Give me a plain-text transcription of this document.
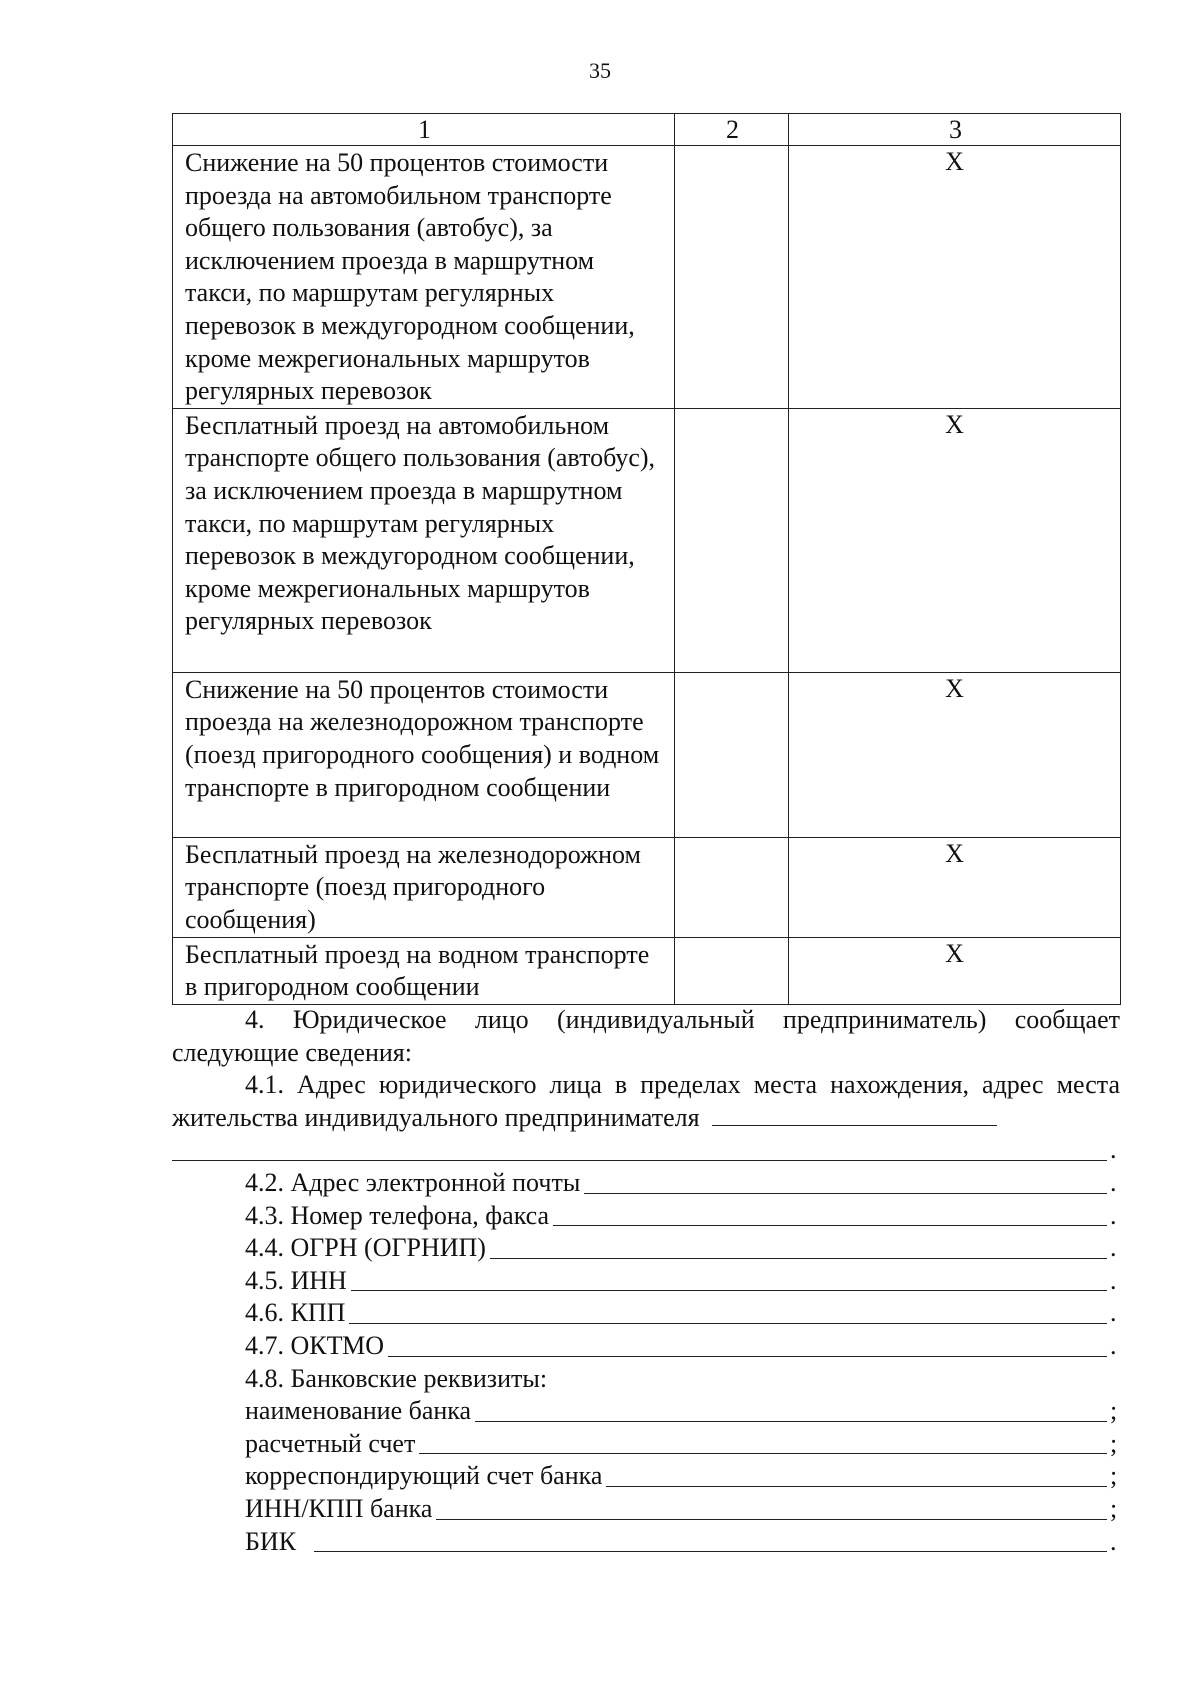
35
1	2	3
Снижение на 50 процентов стоимости проезда на автомобильном транспорте общего пользования (автобус), за исключением проезда в маршрутном такси, по маршрутам регулярных перевозок в междугородном сообщении, кроме межрегиональных маршрутов регулярных перевозок		X
Бесплатный проезд на автомобильном транспорте общего пользования (автобус), за исключением проезда в маршрутном такси, по маршрутам регулярных перевозок в междугородном сообщении, кроме межрегиональных маршрутов регулярных перевозок		X
Снижение на 50 процентов стоимости проезда на железнодорожном транспорте (поезд пригородного сообщения) и водном транспорте в пригородном сообщении		X
Бесплатный проезд на железнодорожном транспорте (поезд пригородного сообщения)		X
Бесплатный проезд на водном транспорте в пригородном сообщении		X

4. Юридическое лицо (индивидуальный предприниматель) сообщает следующие сведения:

4.1. Адрес юридического лица в пределах места нахождения, адрес места жительства индивидуального предпринимателя

.
4.2. Адрес электронной почты	.
4.3. Номер телефона, факса	.
4.4. ОГРН (ОГРНИП)	.
4.5. ИНН	.
4.6. КПП	.
4.7. ОКТМО	.
4.8. Банковские реквизиты:
наименование банка	;
расчетный счет	;
корреспондирующий счет банка	;
ИНН/КПП банка	;
БИК	.
